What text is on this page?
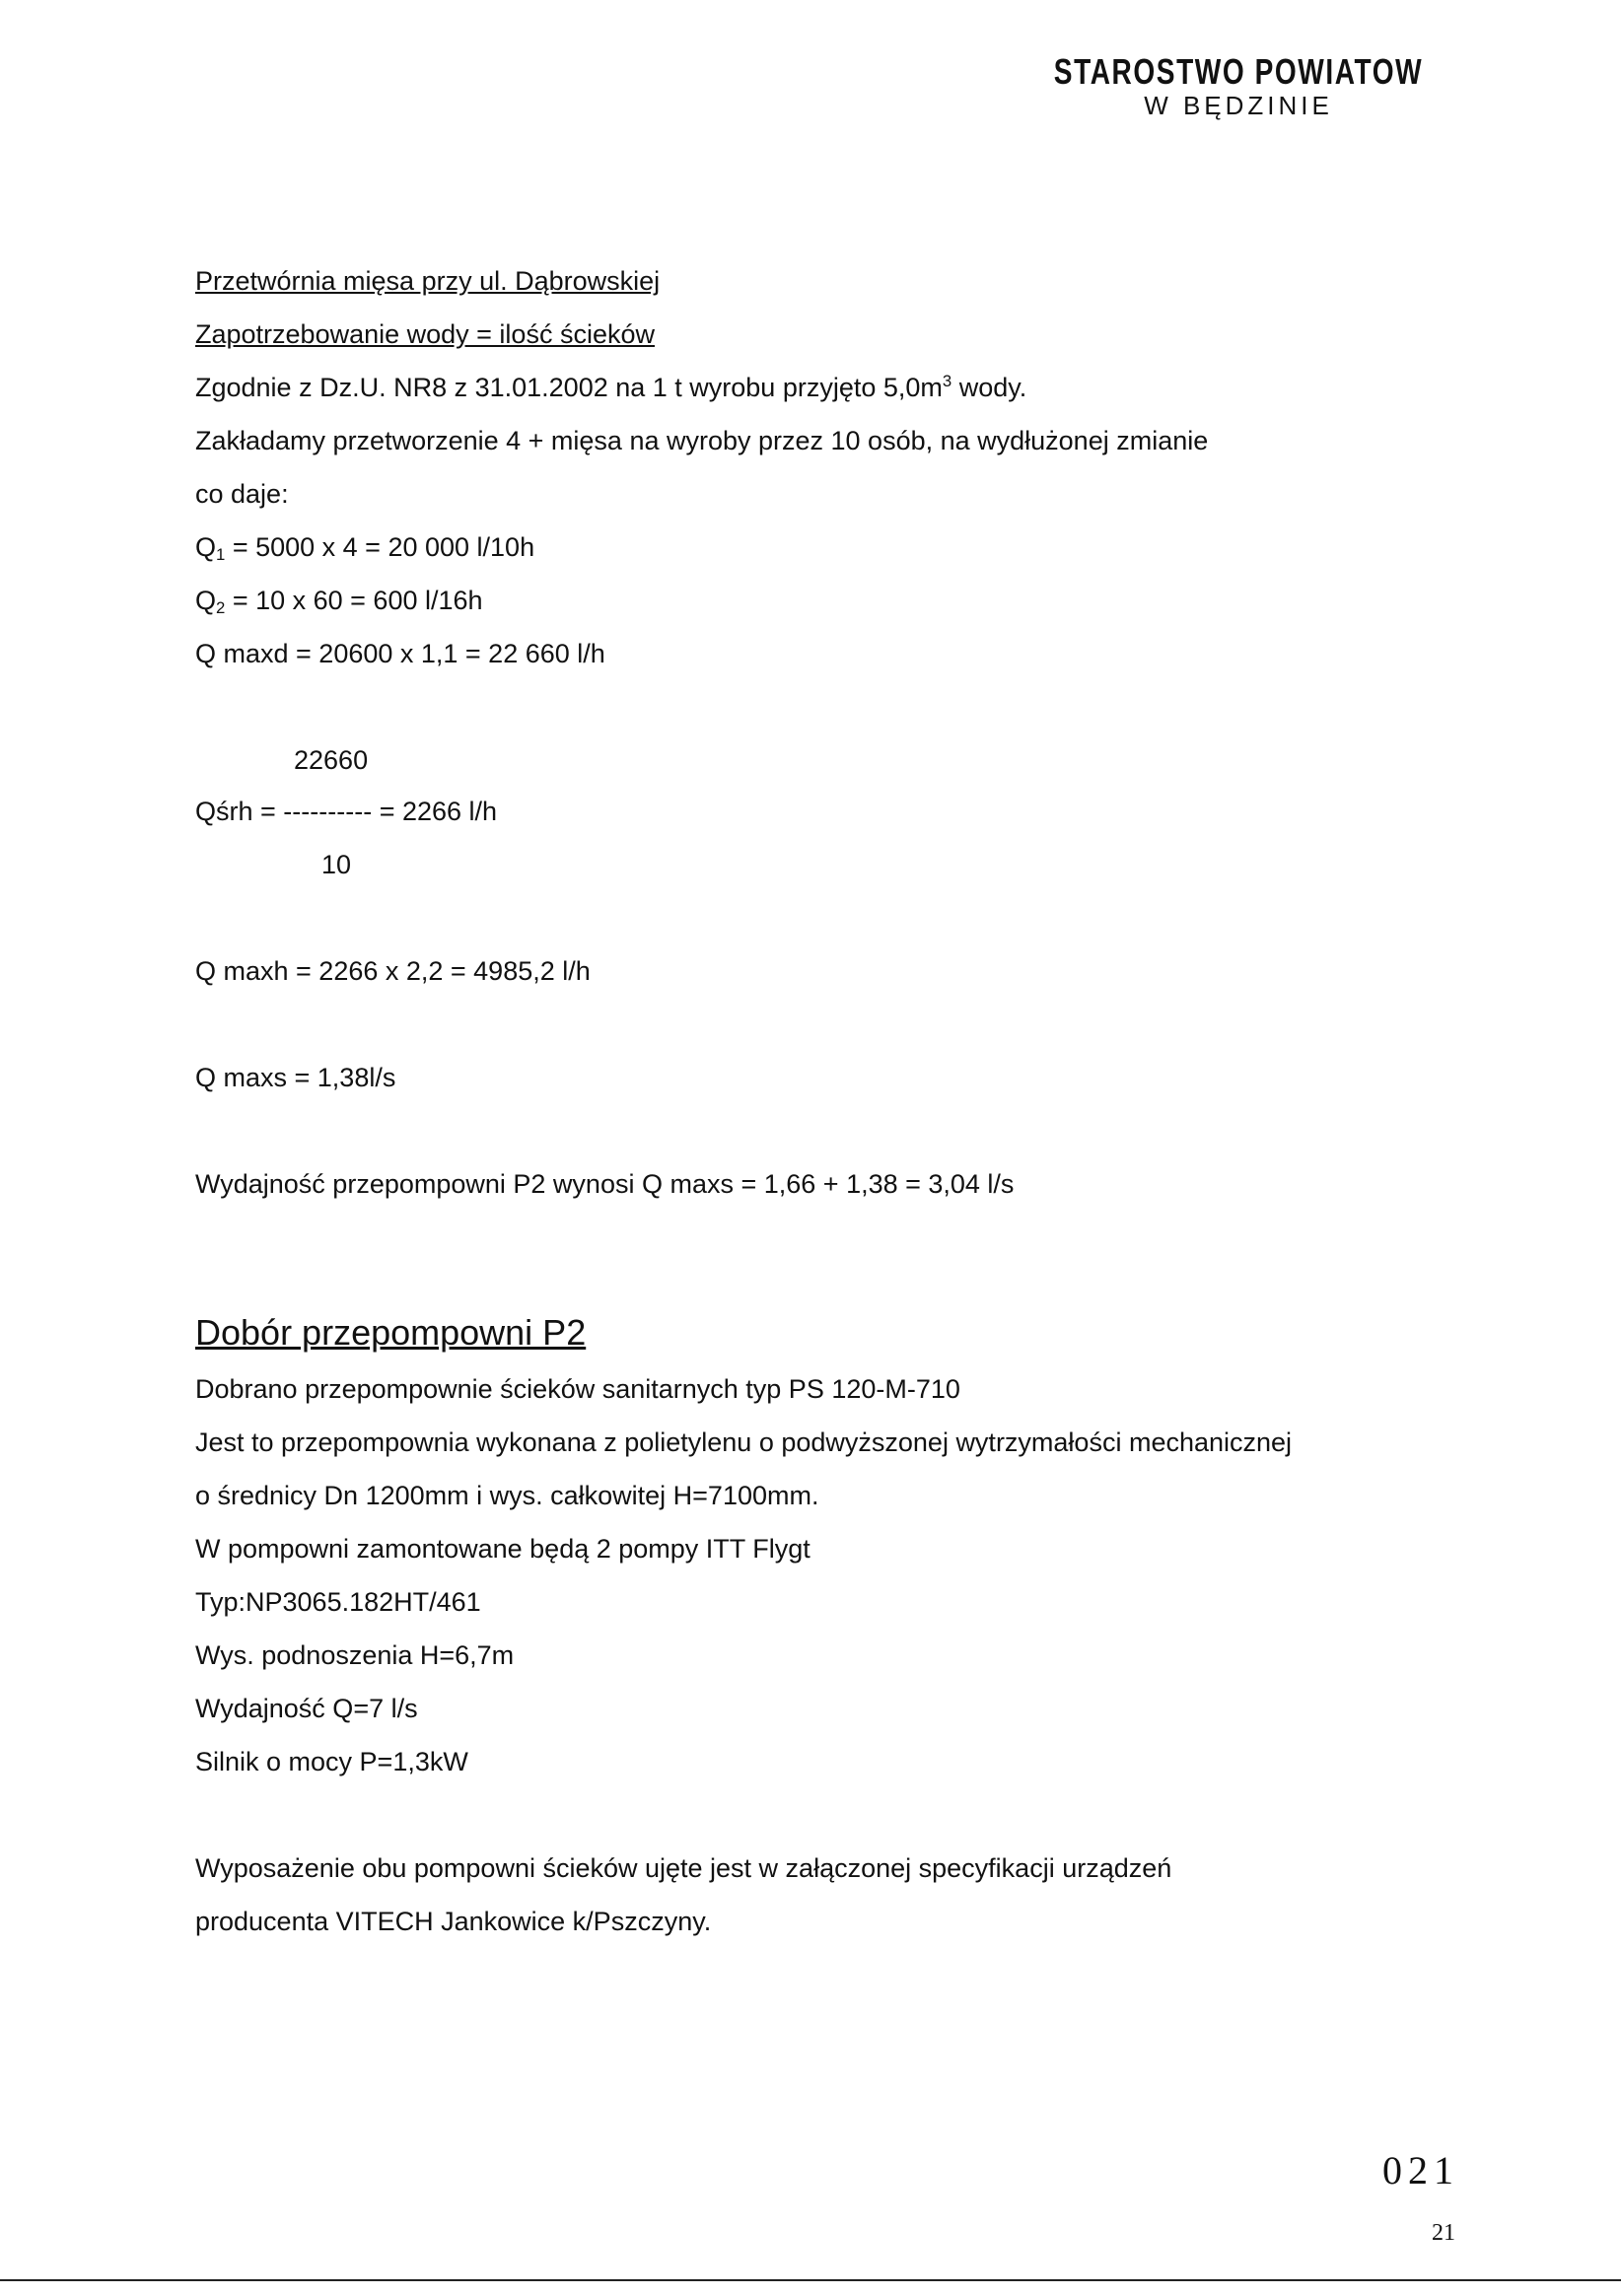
STAROSTWO POWIATOW
W BĘDZINIE
Przetwórnia mięsa przy ul. Dąbrowskiej
Zapotrzebowanie wody = ilość ścieków
Zgodnie z Dz.U. NR8 z 31.01.2002 na 1 t wyrobu przyjęto $5,0m^3$ wody.
Zakładamy przetworzenie 4 + mięsa na wyroby przez 10 osób, na wydłużonej zmianie
co daje:
$Q_1 = 5000$ x 4 = 20 000 l/10h
$Q_2 = 10$ x 60 = 600 l/16h
Q maxd = 20600 x 1,1 = 22 660 l/h
22660
Qśrh = ---------- = 2266 l/h
10
Q maxh = 2266 x 2,2 = 4985,2 l/h
Q maxs = 1,38l/s
Wydajność przepompowni P2 wynosi Q maxs = 1,66 + 1,38 = 3,04 l/s
Dobór przepompowni P2
Dobrano przepompownie ścieków sanitarnych typ PS 120-M-710
Jest to przepompownia wykonana z polietylenu o podwyższonej wytrzymałości mechanicznej
o średnicy Dn 1200mm i wys. całkowitej H=7100mm.
W pompowni zamontowane będą 2 pompy ITT Flygt
Typ:NP3065.182HT/461
Wys. podnoszenia H=6,7m
Wydajność Q=7 l/s
Silnik o mocy P=1,3kW
Wyposażenie obu pompowni ścieków ujęte jest w załączonej specyfikacji urządzeń
producenta VITECH Jankowice k/Pszczyny.
021
21
